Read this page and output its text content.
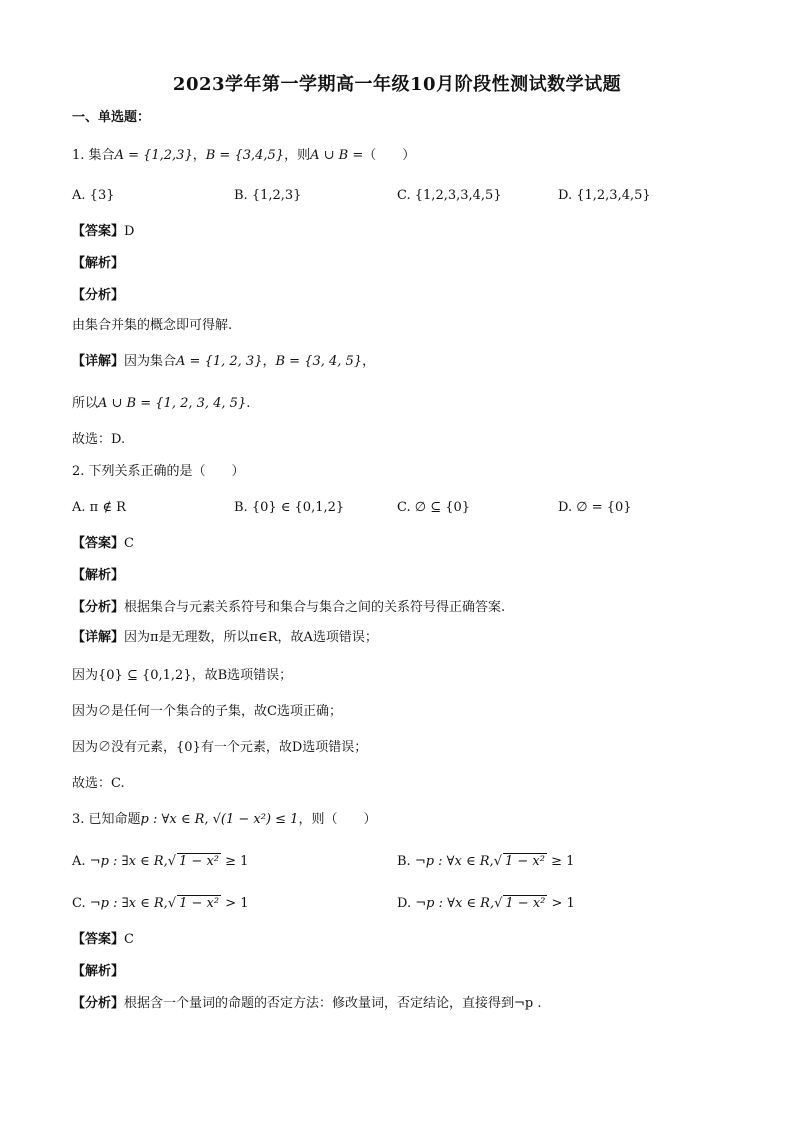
2023学年第一学期高一年级10月阶段性测试数学试题
一、单选题：
1. 集合A = {1,2,3}，B = {3,4,5}，则A ∪ B =（　　）
A. {3}	B. {1,2,3}	C. {1,2,3,3,4,5}	D. {1,2,3,4,5}
【答案】D
【解析】
【分析】
由集合并集的概念即可得解.
【详解】因为集合A = {1, 2, 3}，B = {3, 4, 5}，
所以A ∪ B = {1, 2, 3, 4, 5}.
故选：D.
2. 下列关系正确的是（　　）
A. π ∉ R	B. {0} ∈ {0,1,2}	C. ∅ ⊆ {0}	D. ∅ = {0}
【答案】C
【解析】
【分析】根据集合与元素关系符号和集合与集合之间的关系符号得正确答案.
【详解】因为π是无理数，所以π∈R，故A选项错误；
因为{0} ⊆ {0,1,2}，故B选项错误；
因为∅是任何一个集合的子集，故C选项正确；
因为∅没有元素，{0}有一个元素，故D选项错误；
故选：C.
3. 已知命题p : ∀x ∈ R, √(1 − x²) ≤ 1，则（　　）
A. ¬p : ∃x ∈ R,√ 1 − x² ≥ 1	B. ¬p : ∀x ∈ R,√ 1 − x² ≥ 1
C. ¬p : ∃x ∈ R,√ 1 − x² > 1	D. ¬p : ∀x ∈ R,√ 1 − x² > 1
【答案】C
【解析】
【分析】根据含一个量词的命题的否定方法：修改量词，否定结论，直接得到¬p .
